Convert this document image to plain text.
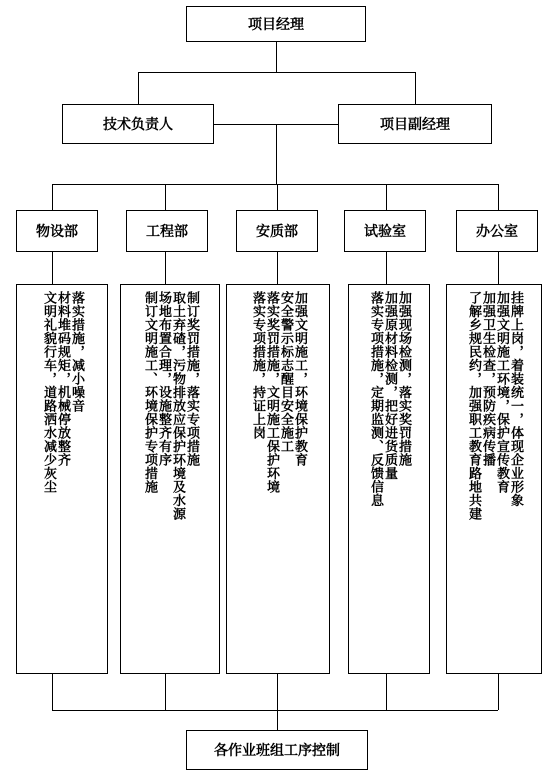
项目经理
技术负责人	项目副经理
物设部	工程部	安质部	试验室	办公室
落实措施，减小噪音
材料堆码规矩，机械停放整齐
文明礼貌行车，道路洒水减少灰尘	制订奖罚措施，落实专项措施
取土弃碴，污物排放应保护环境及水源
场地布置合理，设施整齐有序
制订文明施工、环境保护专项措施	加强文明施工，环境保护教育
安全警示标志醒目安全施工
落实奖罚措施，文明施工保护环境
落实专项措施，持证上岗	加强现场检测，落实奖罚措施
加强原材料检测，把好进货质量
落实专项措施，定期监测、反馈信息	挂牌上岗，着装统一，体现企业形象
加强文明施工环境，保护宣传教育
加强卫生检查，预防疾病传播
了解乡规民约，加强职工教育路地共建
各作业班组工序控制
